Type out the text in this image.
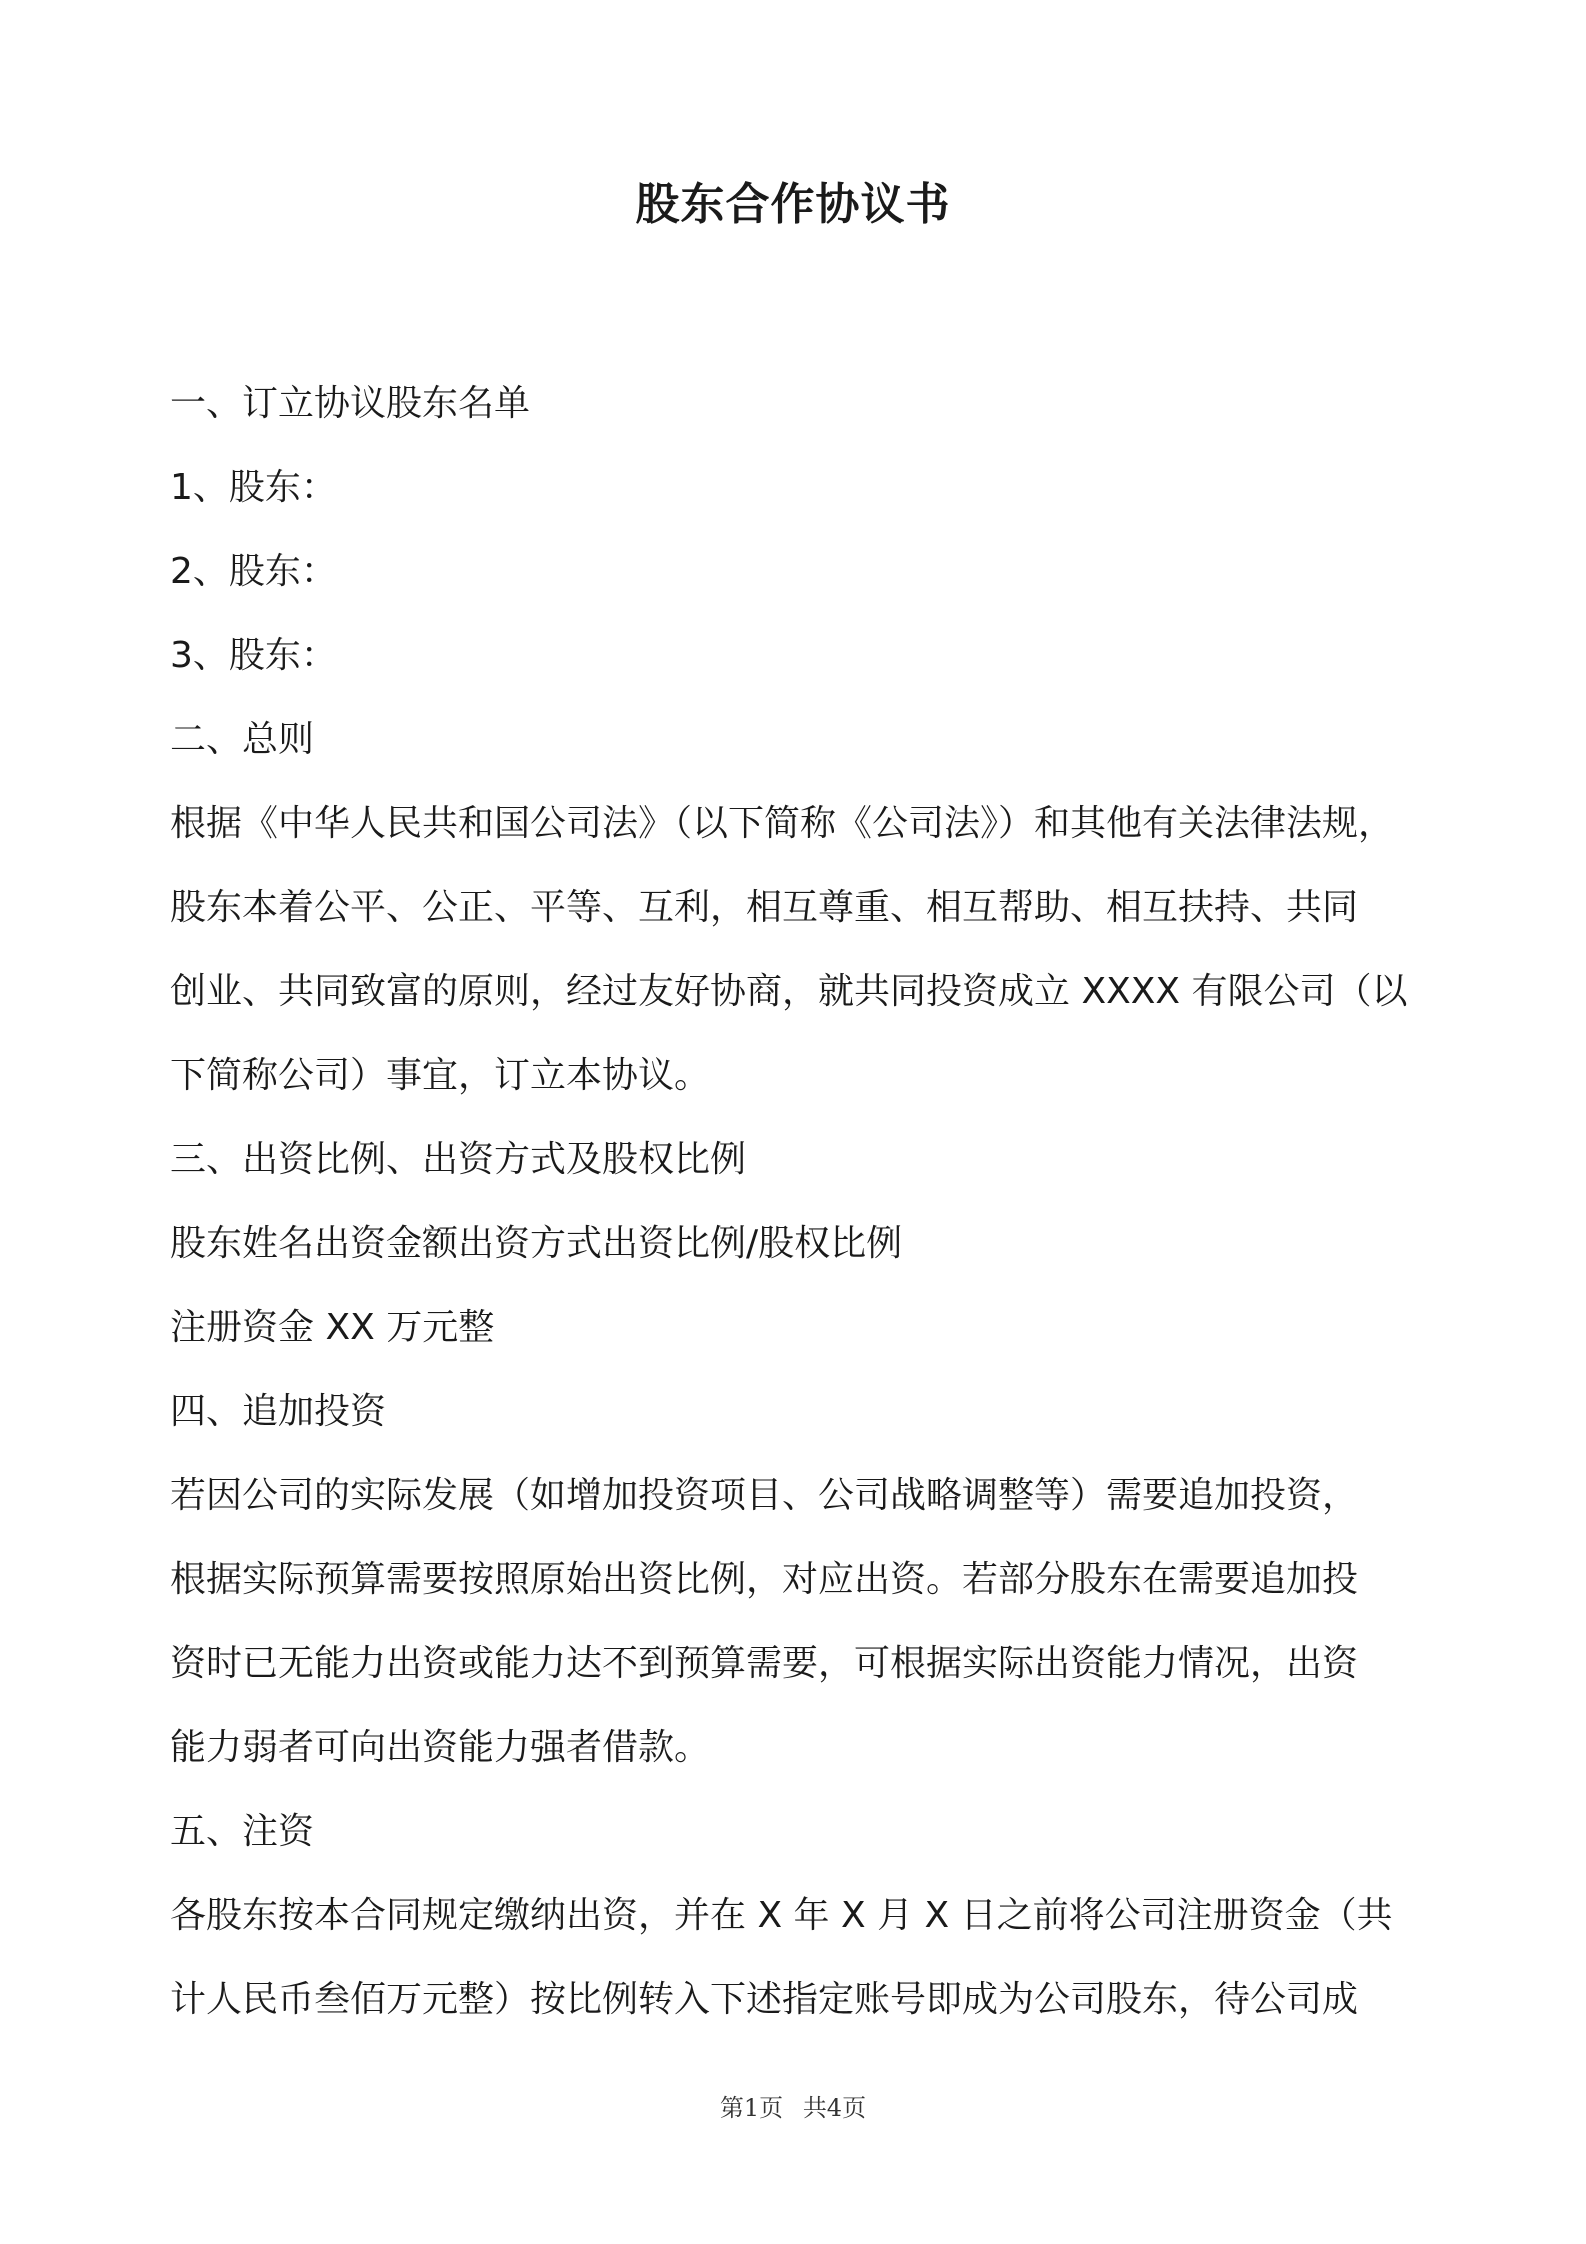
股东合作协议书
一、订立协议股东名单
1、股东：
2、股东：
3、股东：
二、总则
根据《中华人民共和国公司法》（以下简称《公司法》）和其他有关法律法规，
股东本着公平、公正、平等、互利，相互尊重、相互帮助、相互扶持、共同
创业、共同致富的原则，经过友好协商，就共同投资成立 XXXX 有限公司（以
下简称公司）事宜，订立本协议。
三、出资比例、出资方式及股权比例
股东姓名出资金额出资方式出资比例/股权比例
注册资金 XX 万元整
四、追加投资
若因公司的实际发展（如增加投资项目、公司战略调整等）需要追加投资，
根据实际预算需要按照原始出资比例，对应出资。若部分股东在需要追加投
资时已无能力出资或能力达不到预算需要，可根据实际出资能力情况，出资
能力弱者可向出资能力强者借款。
五、注资
各股东按本合同规定缴纳出资，并在 X 年 X 月 X 日之前将公司注册资金（共
计人民币叁佰万元整）按比例转入下述指定账号即成为公司股东，待公司成
第1页 共4页
